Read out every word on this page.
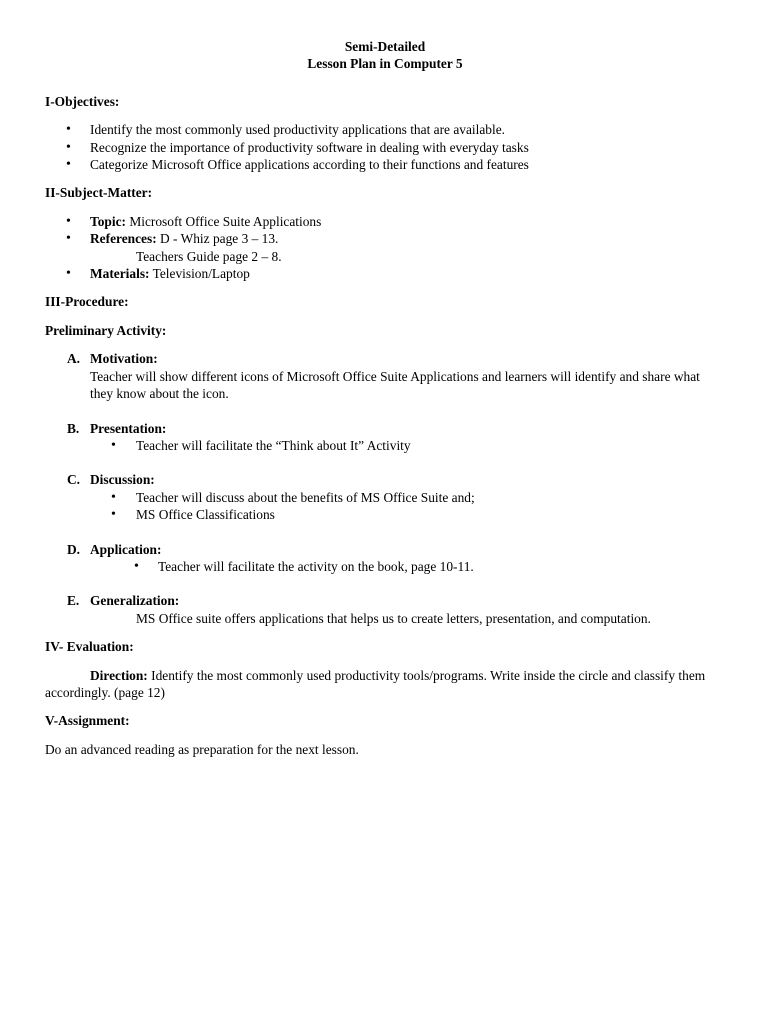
Semi-Detailed
Lesson Plan in Computer 5
I-Objectives:
• Identify the most commonly used productivity applications that are available.
• Recognize the importance of productivity software in dealing with everyday tasks
• Categorize Microsoft Office applications according to their functions and features
II-Subject-Matter:
• Topic: Microsoft Office Suite Applications
• References: D - Whiz page 3 – 13.
Teachers Guide page 2 – 8.
• Materials: Television/Laptop
III-Procedure:
Preliminary Activity:
A. Motivation:
Teacher will show different icons of Microsoft Office Suite Applications and learners will identify and share what they know about the icon.
B. Presentation:
• Teacher will facilitate the “Think about It” Activity
C. Discussion:
• Teacher will discuss about the benefits of MS Office Suite and;
• MS Office Classifications
D. Application:
• Teacher will facilitate the activity on the book, page 10-11.
E. Generalization:
MS Office suite offers applications that helps us to create letters, presentation, and computation.
IV- Evaluation:
Direction: Identify the most commonly used productivity tools/programs. Write inside the circle and classify them accordingly. (page 12)
V-Assignment:
Do an advanced reading as preparation for the next lesson.
